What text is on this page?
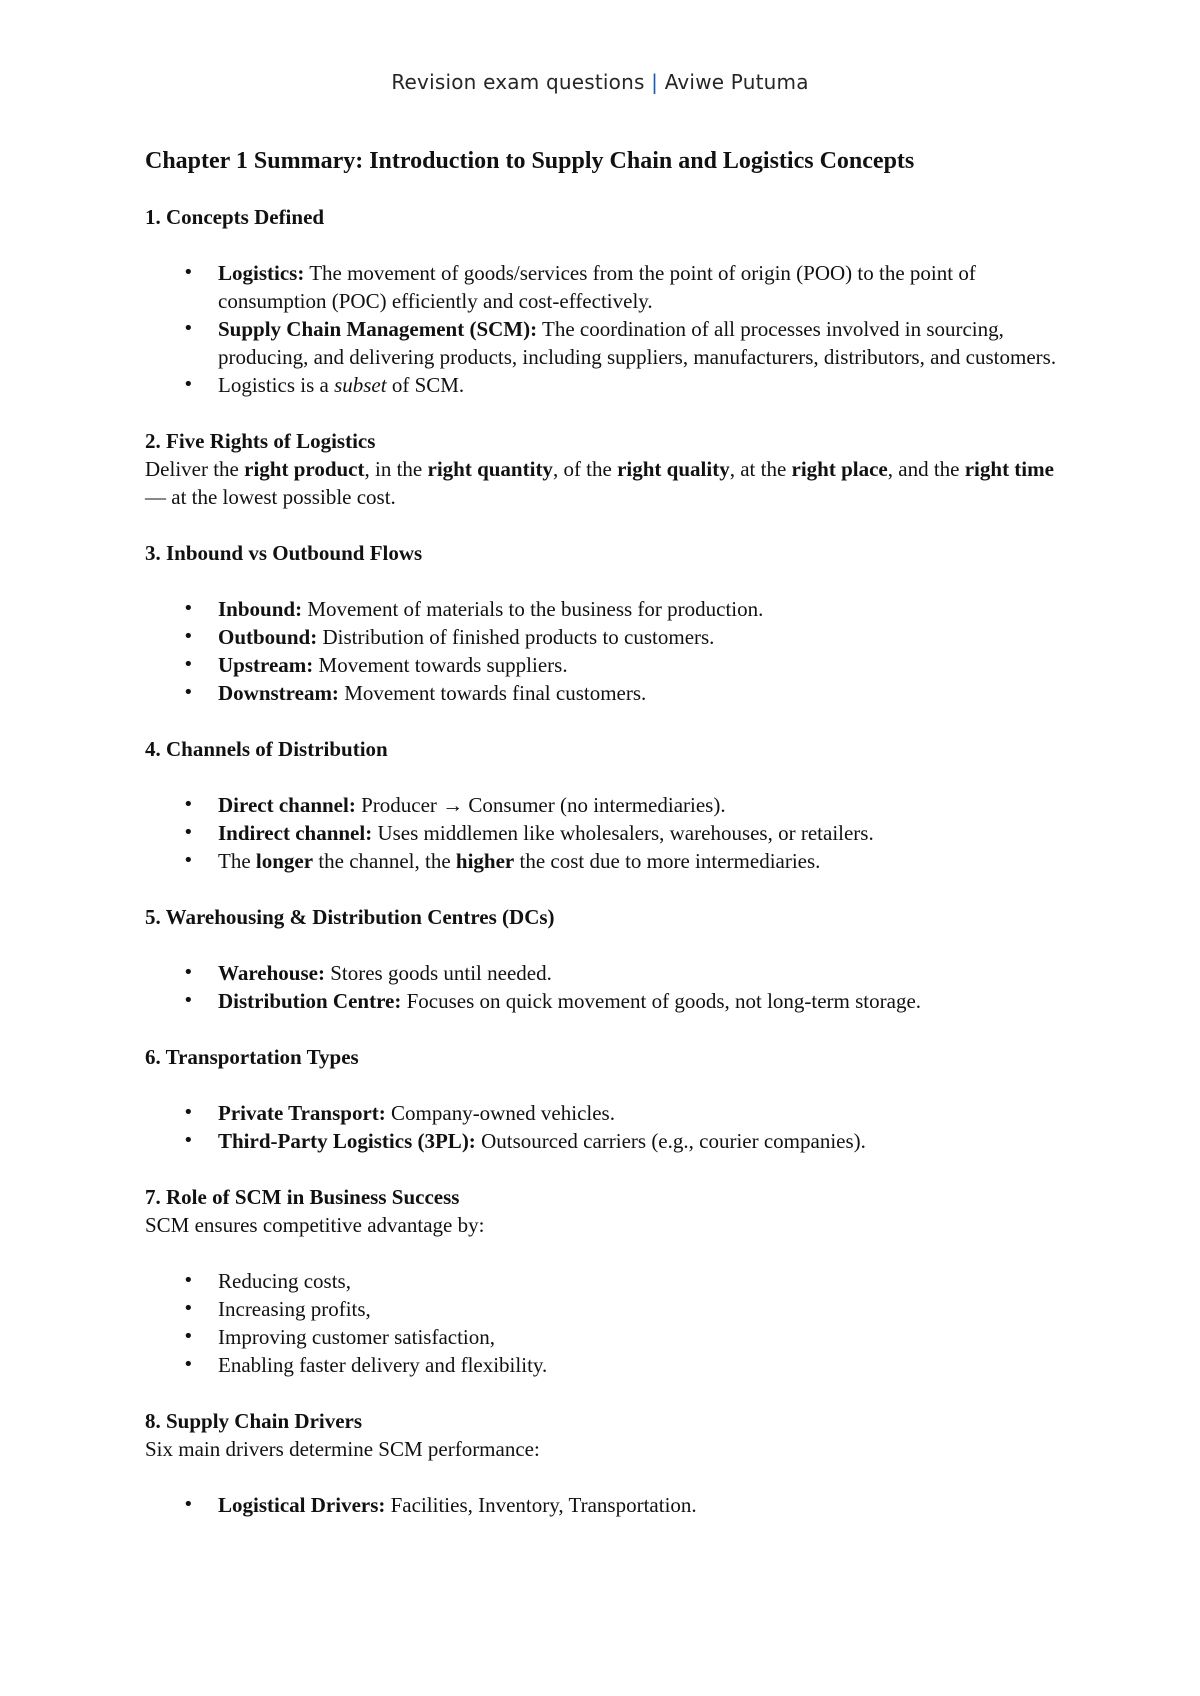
Revision exam questions | Aviwe Putuma
Chapter 1 Summary: Introduction to Supply Chain and Logistics Concepts

1. Concepts Defined

• Logistics: The movement of goods/services from the point of origin (POO) to the point of consumption (POC) efficiently and cost-effectively.
• Supply Chain Management (SCM): The coordination of all processes involved in sourcing, producing, and delivering products, including suppliers, manufacturers, distributors, and customers.
• Logistics is a subset of SCM.

2. Five Rights of Logistics

Deliver the right product, in the right quantity, of the right quality, at the right place, and the right time — at the lowest possible cost.

3. Inbound vs Outbound Flows

• Inbound: Movement of materials to the business for production.
• Outbound: Distribution of finished products to customers.
• Upstream: Movement towards suppliers.
• Downstream: Movement towards final customers.

4. Channels of Distribution

• Direct channel: Producer → Consumer (no intermediaries).
• Indirect channel: Uses middlemen like wholesalers, warehouses, or retailers.
• The longer the channel, the higher the cost due to more intermediaries.

5. Warehousing & Distribution Centres (DCs)

• Warehouse: Stores goods until needed.
• Distribution Centre: Focuses on quick movement of goods, not long-term storage.

6. Transportation Types

• Private Transport: Company-owned vehicles.
• Third-Party Logistics (3PL): Outsourced carriers (e.g., courier companies).

7. Role of SCM in Business Success

SCM ensures competitive advantage by:

• Reducing costs,
• Increasing profits,
• Improving customer satisfaction,
• Enabling faster delivery and flexibility.

8. Supply Chain Drivers

Six main drivers determine SCM performance:

• Logistical Drivers: Facilities, Inventory, Transportation.
